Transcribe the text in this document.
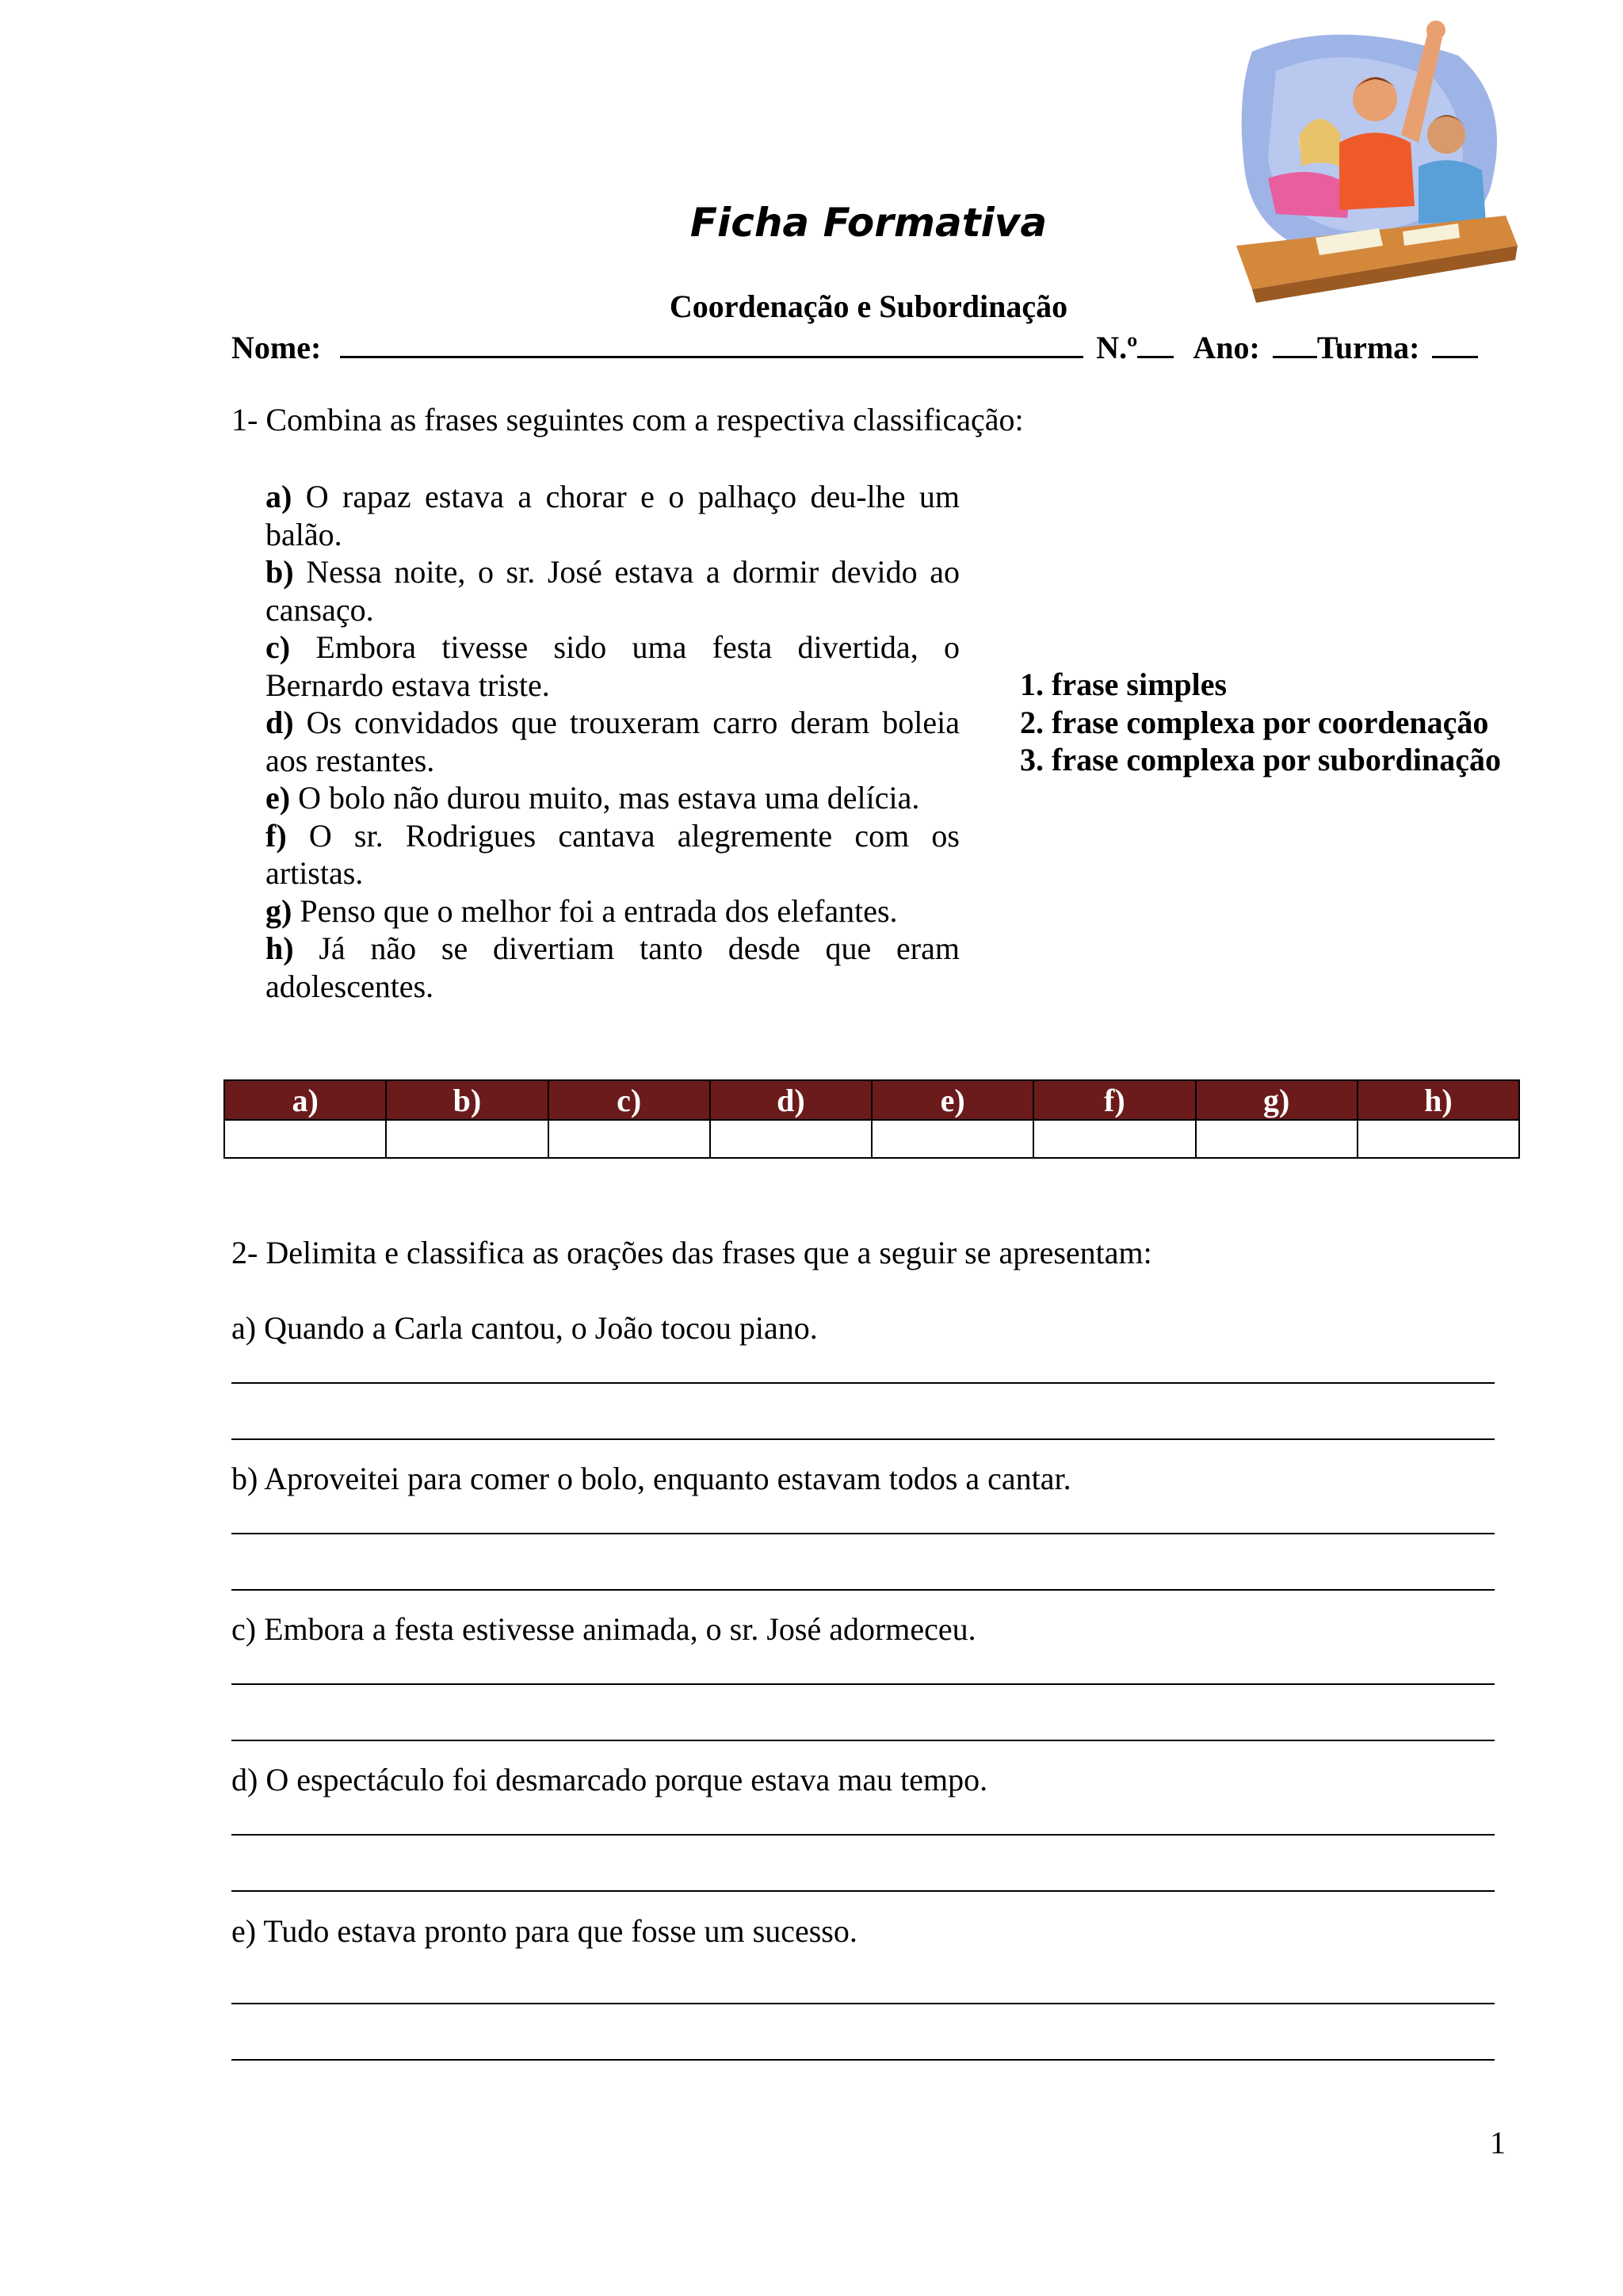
Ficha Formativa
Coordenação e Subordinação
Nome:	N.º Ano: Turma:
1- Combina as frases seguintes com a respectiva classificação:
a) O rapaz estava a chorar e o palhaço deu-lhe um balão.
b) Nessa noite, o sr. José estava a dormir devido ao cansaço.
c) Embora tivesse sido uma festa divertida, o Bernardo estava triste.
d) Os convidados que trouxeram carro deram boleia aos restantes.
e) O bolo não durou muito, mas estava uma delícia.
f) O sr. Rodrigues cantava alegremente com os artistas.
g) Penso que o melhor foi a entrada dos elefantes.
h) Já não se divertiam tanto desde que eram adolescentes.
1. frase simples
2. frase complexa por coordenação
3. frase complexa por subordinação
a)	b)	c)	d)	e)	f)	g)	h)

2- Delimita e classifica as orações das frases que a seguir se apresentam:
a) Quando a Carla cantou, o João tocou piano.
b) Aproveitei para comer o bolo, enquanto estavam todos a cantar.
c) Embora a festa estivesse animada, o sr. José adormeceu.
d) O espectáculo foi desmarcado porque estava mau tempo.
e) Tudo estava pronto para que fosse um sucesso.
1
